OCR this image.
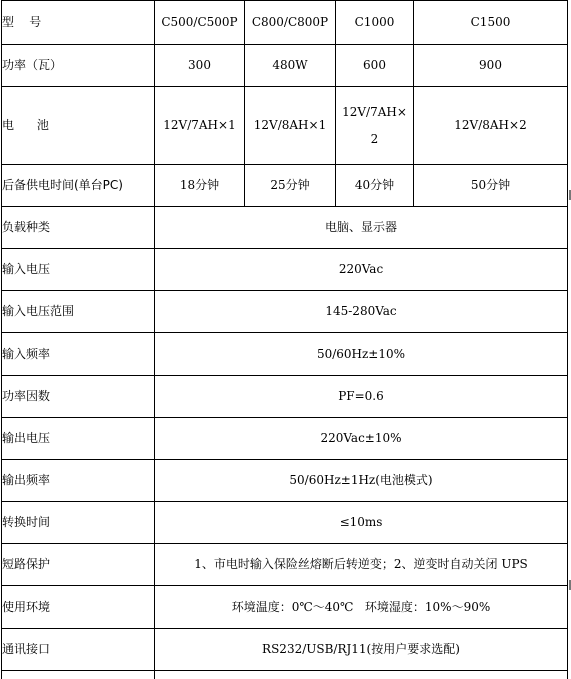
型    号	C500/C500P	C800/C800P	C1000	C1500
功率（瓦）	300	480W	600	900
电      池	12V/7AH×1	12V/8AH×1	12V/7AH×2	12V/8AH×2
后备供电时间(单台PC)	18分钟	25分钟	40分钟	50分钟
负载种类	电脑、显示器			
输入电压	220Vac			
输入电压范围	145-280Vac			
输入频率	50/60Hz±10%			
功率因数	PF=0.6			
输出电压	220Vac±10%			
输出频率	50/60Hz±1Hz(电池模式)			
转换时间	≤10ms			
短路保护	1、市电时输入保险丝熔断后转逆变；2、逆变时自动关闭 UPS			
使用环境	环境温度：0℃～40℃   环境湿度：10%～90%			
通讯接口	RS232/USB/RJ11(按用户要求选配)			
